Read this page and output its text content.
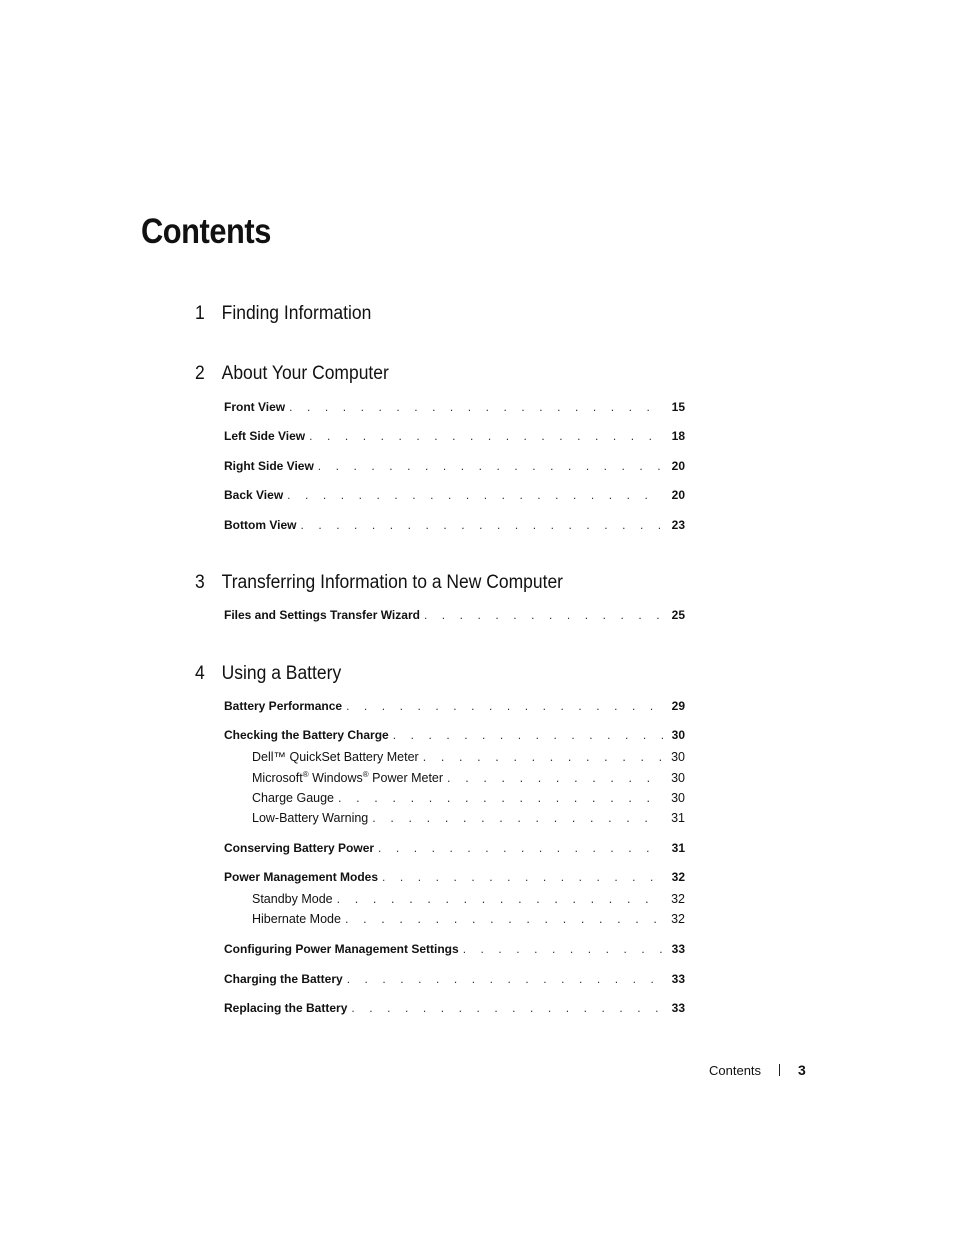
Contents
1 Finding Information
2 About Your Computer
Front View . . .	15
Left Side View . . .	18
Right Side View . . .	20
Back View . . .	20
Bottom View . . .	23
3 Transferring Information to a New Computer
Files and Settings Transfer Wizard . . .	25
4 Using a Battery
Battery Performance . . .	29
Checking the Battery Charge . . .	30
Dell™ QuickSet Battery Meter . . .	30
Microsoft® Windows® Power Meter . . .	30
Charge Gauge . . .	30
Low-Battery Warning . . .	31
Conserving Battery Power . . .	31
Power Management Modes . . .	32
Standby Mode . . .	32
Hibernate Mode . . .	32
Configuring Power Management Settings . . .	33
Charging the Battery . . .	33
Replacing the Battery . . .	33
Contents	3
